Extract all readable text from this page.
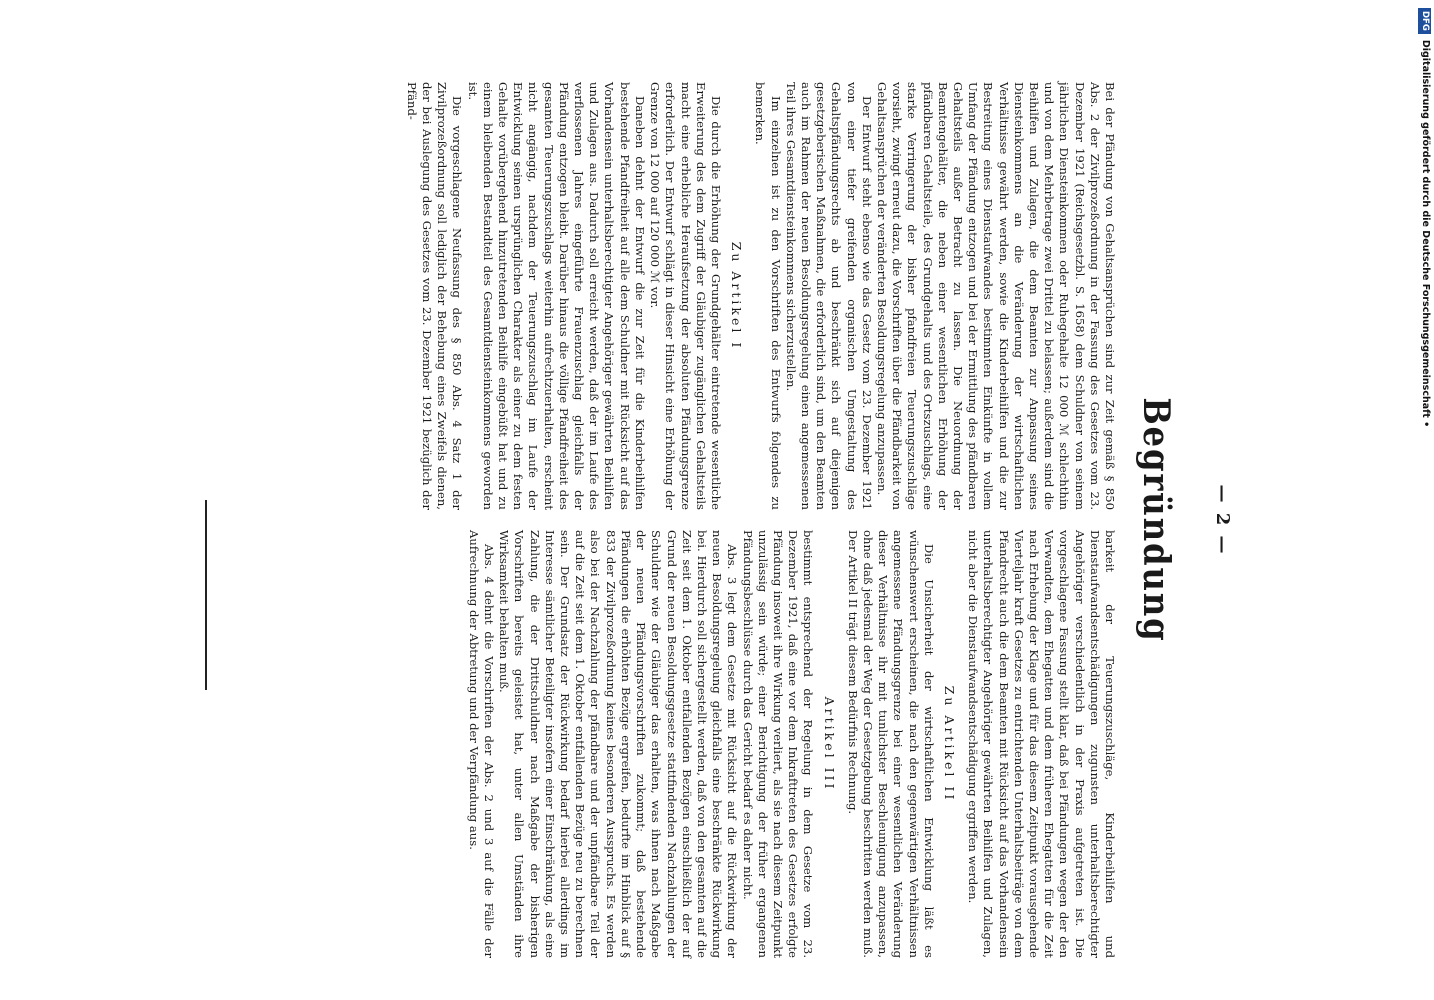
— 2 —
Begründung

Bei der Pfändung von Gehaltsansprüchen sind zur Zeit gemäß § 850 Abs. 2 der Zivilprozeßordnung in der Fassung des Gesetzes vom 23. Dezember 1921 (Reichsgesetzbl. S. 1658) dem Schuldner von seinem jährlichen Diensteinkommen oder Ruhegehalte 12 000 ℳ schlechthin und von dem Mehrbetrage zwei Drittel zu belassen; außerdem sind die Beihilfen und Zulagen, die dem Beamten zur Anpassung seines Diensteinkommens an die Veränderung der wirtschaftlichen Verhältnisse gewährt werden, sowie die Kinderbeihilfen und die zur Bestreitung eines Dienstaufwandes bestimmten Einkünfte in vollem Umfang der Pfändung entzogen und bei der Ermittlung des pfändbaren Gehaltsteils außer Betracht zu lassen. Die Neuordnung der Beamtengehälter, die neben einer wesentlichen Erhöhung der pfändbaren Gehaltsteile, des Grundgehalts und des Ortszuschlags, eine starke Verringerung der bisher pfandfreien Teuerungszuschläge vorsieht, zwingt erneut dazu, die Vorschriften über die Pfändbarkeit von Gehaltsansprüchen der veränderten Besoldungsregelung anzupassen.

Der Entwurf steht ebenso wie das Gesetz vom 23. Dezember 1921 von einer tiefer greifenden organischen Umgestaltung des Gehaltspfändungsrechts ab und beschränkt sich auf diejenigen gesetzgeberischen Maßnahmen, die erforderlich sind, um den Beamten auch im Rahmen der neuen Besoldungsregelung einen angemessenen Teil ihres Gesamtdiensteinkommens sicherzustellen.

Im einzelnen ist zu den Vorschriften des Entwurfs folgendes zu bemerken.

Zu Artikel I

Die durch die Erhöhung der Grundgehälter eintretende wesentliche Erweiterung des dem Zugriff der Gläubiger zugänglichen Gehaltsteils macht eine erhebliche Heraufsetzung der absoluten Pfändungsgrenze erforderlich. Der Entwurf schlägt in dieser Hinsicht eine Erhöhung der Grenze von 12 000 auf 120 000 ℳ vor.

Daneben dehnt der Entwurf die zur Zeit für die Kinderbeihilfen bestehende Pfandfreiheit auf alle dem Schuldner mit Rücksicht auf das Vorhandensein unterhaltsberechtigter Angehöriger gewährten Beihilfen und Zulagen aus. Dadurch soll erreicht werden, daß der im Laufe des verflossenen Jahres eingeführte Frauenzuschlag gleichfalls der Pfändung entzogen bleibt. Darüber hinaus die völlige Pfandfreiheit des gesamten Teuerungszuschlags weiterhin aufrechtzuerhalten, erscheint nicht angängig, nachdem der Teuerungszuschlag im Laufe der Entwicklung seinen ursprünglichen Charakter als einer zu dem festen Gehalte vorübergehend hinzutretenden Beihilfe eingebüßt hat und zu einem bleibenden Bestandteil des Gesamtdiensteinkommens geworden ist.

Die vorgeschlagene Neufassung des § 850 Abs. 4 Satz 1 der Zivilprozeßordnung soll lediglich der Behebung eines Zweifels dienen, der bei Auslegung des Gesetzes vom 23. Dezember 1921 bezüglich der Pfänd-

barkeit der Teuerungszuschläge, Kinderbeihilfen und Dienstaufwandsentschädigungen zugunsten unterhaltsberechtigter Angehöriger verschiedentlich in der Praxis aufgetreten ist. Die vorgeschlagene Fassung stellt klar, daß bei Pfändungen wegen der den Verwandten, dem Ehegatten und dem früheren Ehegatten für die Zeit nach Erhebung der Klage und für das diesem Zeitpunkt vorausgehende Vierteljahr kraft Gesetzes zu entrichtenden Unterhaltsbeiträge von dem Pfandrecht auch die dem Beamten mit Rücksicht auf das Vorhandensein unterhaltsberechtigter Angehöriger gewährten Beihilfen und Zulagen, nicht aber die Dienstaufwandsentschädigung ergriffen werden.

Zu Artikel II

Die Unsicherheit der wirtschaftlichen Entwicklung läßt es wünschenswert erscheinen, die nach den gegenwärtigen Verhältnissen angemessene Pfändungsgrenze bei einer wesentlichen Veränderung dieser Verhältnisse ihr mit tunlichster Beschleunigung anzupassen, ohne daß jedesmal der Weg der Gesetzgebung beschritten werden muß. Der Artikel II trägt diesem Bedürfnis Rechnung.

Artikel III

bestimmt entsprechend der Regelung in dem Gesetze vom 23. Dezember 1921, daß eine vor dem Inkrafttreten des Gesetzes erfolgte Pfändung insoweit ihre Wirkung verliert, als sie nach diesem Zeitpunkt unzulässig sein würde; einer Berichtigung der früher ergangenen Pfändungsbeschlüsse durch das Gericht bedarf es daher nicht.

Abs. 3 legt dem Gesetze mit Rücksicht auf die Rückwirkung der neuen Besoldungsregelung gleichfalls eine beschränkte Rückwirkung bei. Hierdurch soll sichergestellt werden, daß von den gesamten auf die Zeit seit dem 1. Oktober entfallenden Bezügen einschließlich der auf Grund der neuen Besoldungsgesetze stattfindenden Nachzahlungen der Schuldner wie der Gläubiger das erhalten, was ihnen nach Maßgabe der neuen Pfändungsvorschriften zukommt; daß bestehende Pfändungen die erhöhten Bezüge ergreifen, bedurfte im Hinblick auf § 833 der Zivilprozeßordnung keines besonderen Ausspruchs. Es werden also bei der Nachzahlung der pfändbare und der unpfändbare Teil der auf die Zeit seit dem 1. Oktober entfallenden Bezüge neu zu berechnen sein. Der Grundsatz der Rückwirkung bedarf hierbei allerdings im Interesse sämtlicher Beteiligter insofern einer Einschränkung, als eine Zahlung, die der Drittschuldner nach Maßgabe der bisherigen Vorschriften bereits geleistet hat, unter allen Umständen ihre Wirksamkeit behalten muß.

Abs. 4 dehnt die Vorschriften der Abs. 2 und 3 auf die Fälle der Aufrechnung der Abtretung und der Verpfändung aus.

DFG
Digitalisierung gefördert durch die Deutsche Forschungsgemeinschaft •
